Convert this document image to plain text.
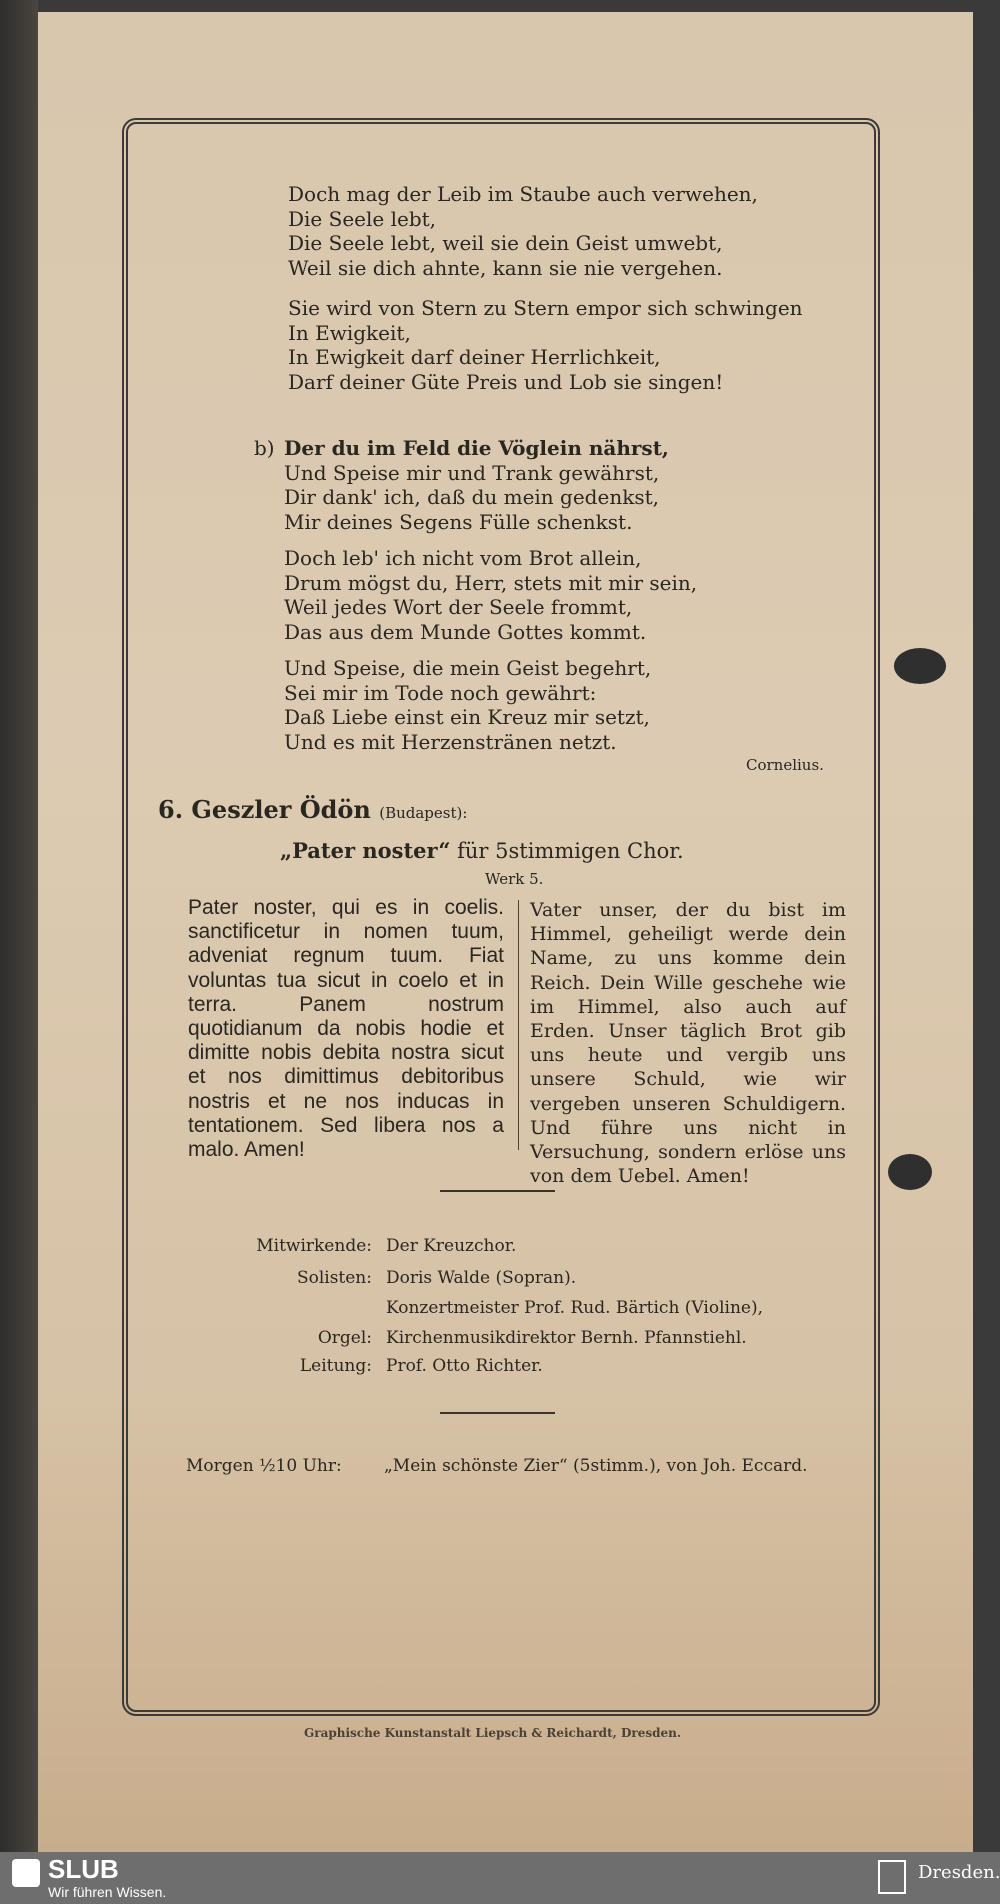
Doch mag der Leib im Staube auch verwehen,
Die Seele lebt,
Die Seele lebt, weil sie dein Geist umwebt,
Weil sie dich ahnte, kann sie nie vergehen.
Sie wird von Stern zu Stern empor sich schwingen
In Ewigkeit,
In Ewigkeit darf deiner Herrlichkeit,
Darf deiner Güte Preis und Lob sie singen!
b) Der du im Feld die Vöglein nährst,
Und Speise mir und Trank gewährst,
Dir dank' ich, daß du mein gedenkst,
Mir deines Segens Fülle schenkst.
Doch leb' ich nicht vom Brot allein,
Drum mögst du, Herr, stets mit mir sein,
Weil jedes Wort der Seele frommt,
Das aus dem Munde Gottes kommt.
Und Speise, die mein Geist begehrt,
Sei mir im Tode noch gewährt:
Daß Liebe einst ein Kreuz mir setzt,
Und es mit Herzenstränen netzt.
Cornelius.
6. Geszler Ödön (Budapest):
„Pater noster“ für 5stimmigen Chor.
Werk 5.
Pater noster, qui es in coelis. sanctificetur in nomen tuum, adveniat regnum tuum. Fiat voluntas tua sicut in coelo et in terra. Panem nostrum quotidianum da nobis hodie et dimitte nobis debita nostra sicut et nos dimittimus debitoribus nostris et ne nos inducas in tentationem. Sed libera nos a malo. Amen!
Vater unser, der du bist im Himmel, geheiligt werde dein Name, zu uns komme dein Reich. Dein Wille geschehe wie im Himmel, also auch auf Erden. Unser täglich Brot gib uns heute und vergib uns unsere Schuld, wie wir vergeben unseren Schuldigern. Und führe uns nicht in Versuchung, sondern erlöse uns von dem Uebel. Amen!
Mitwirkende: Der Kreuzchor.
Solisten: Doris Walde (Sopran).
Konzertmeister Prof. Rud. Bärtich (Violine),
Orgel: Kirchenmusikdirektor Bernh. Pfannstiehl.
Leitung: Prof. Otto Richter.
Morgen ½10 Uhr: „Mein schönste Zier“ (5stimm.), von Joh. Eccard.
Graphische Kunstanstalt Liepsch & Reichardt, Dresden.
SLUB
Wir führen Wissen.
Dresden.
